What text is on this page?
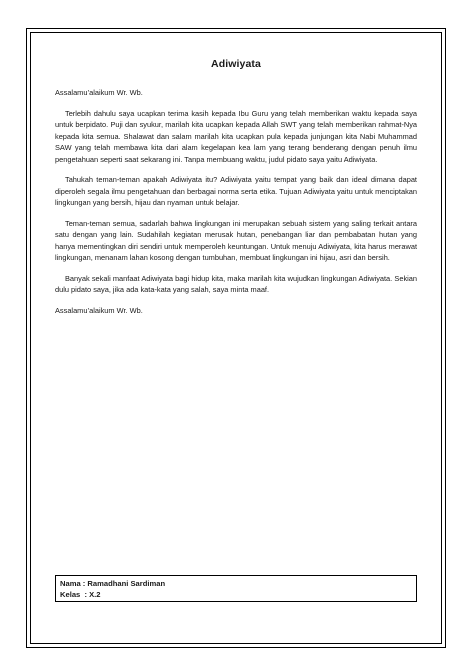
Adiwiyata

Assalamu’alaikum Wr. Wb.

Terlebih dahulu saya ucapkan terima kasih kepada Ibu Guru yang telah memberikan waktu kepada saya untuk berpidato. Puji dan syukur, marilah kita ucapkan kepada Allah SWT yang telah memberikan rahmat-Nya kepada kita semua. Shalawat dan salam marilah kita ucapkan pula kepada junjungan kita Nabi Muhammad SAW yang telah membawa kita dari alam kegelapan kea lam yang terang benderang dengan penuh ilmu pengetahuan seperti saat sekarang ini. Tanpa membuang waktu, judul pidato saya yaitu Adiwiyata.

Tahukah teman-teman apakah Adiwiyata itu? Adiwiyata yaitu tempat yang baik dan ideal dimana dapat diperoleh segala ilmu pengetahuan dan berbagai norma serta etika. Tujuan Adiwiyata yaitu untuk menciptakan lingkungan yang bersih, hijau dan nyaman untuk belajar.

Teman-teman semua, sadarlah bahwa lingkungan ini merupakan sebuah sistem yang saling terkait antara satu dengan yang lain. Sudahilah kegiatan merusak hutan, penebangan liar dan pembabatan hutan yang hanya mementingkan diri sendiri untuk memperoleh keuntungan. Untuk menuju Adiwiyata, kita harus merawat lingkungan, menanam lahan kosong dengan tumbuhan, membuat lingkungan ini hijau, asri dan bersih.

Banyak sekali manfaat Adiwiyata bagi hidup kita, maka marilah kita wujudkan lingkungan Adiwiyata. Sekian dulu pidato saya, jika ada kata-kata yang salah, saya minta maaf.

Assalamu’alaikum Wr. Wb.

Nama : Ramadhani Sardiman
Kelas  : X.2
